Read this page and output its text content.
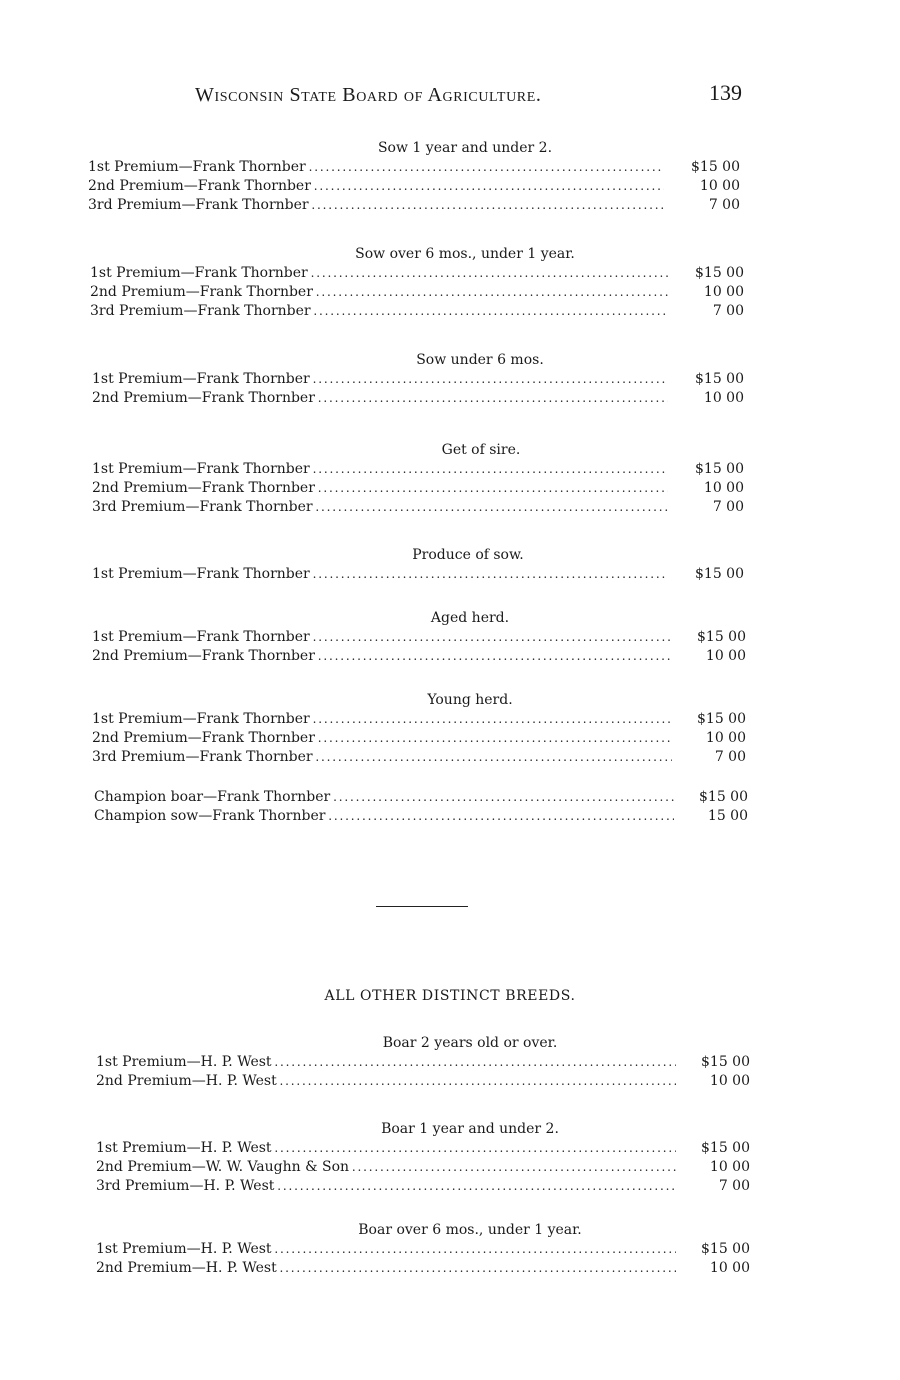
Wisconsin State Board of Agriculture.	139
Sow 1 year and under 2.
1st Premium—Frank Thornber . . .	$15 00
2nd Premium—Frank Thornber . . .	10 00
3rd Premium—Frank Thornber . . .	7 00
Sow over 6 mos., under 1 year.
1st Premium—Frank Thornber . . .	$15 00
2nd Premium—Frank Thornber . . .	10 00
3rd Premium—Frank Thornber . . .	7 00
Sow under 6 mos.
1st Premium—Frank Thornber . . .	$15 00
2nd Premium—Frank Thornber . . .	10 00
Get of sire.
1st Premium—Frank Thornber . . .	$15 00
2nd Premium—Frank Thornber . . .	10 00
3rd Premium—Frank Thornber . . .	7 00
Produce of sow.
1st Premium—Frank Thornber . . .	$15 00
Aged herd.
1st Premium—Frank Thornber . . .	$15 00
2nd Premium—Frank Thornber . . .	10 00
Young herd.
1st Premium—Frank Thornber . . .	$15 00
2nd Premium—Frank Thornber . . .	10 00
3rd Premium—Frank Thornber . . .	7 00
Champion boar—Frank Thornber . . .	$15 00
Champion sow—Frank Thornber . . .	15 00
ALL OTHER DISTINCT BREEDS.
Boar 2 years old or over.
1st Premium—H. P. West . . .	$15 00
2nd Premium—H. P. West . . .	10 00
Boar 1 year and under 2.
1st Premium—H. P. West . . .	$15 00
2nd Premium—W. W. Vaughn & Son . . .	10 00
3rd Premium—H. P. West . . .	7 00
Boar over 6 mos., under 1 year.
1st Premium—H. P. West . . .	$15 00
2nd Premium—H. P. West . . .	10 00
